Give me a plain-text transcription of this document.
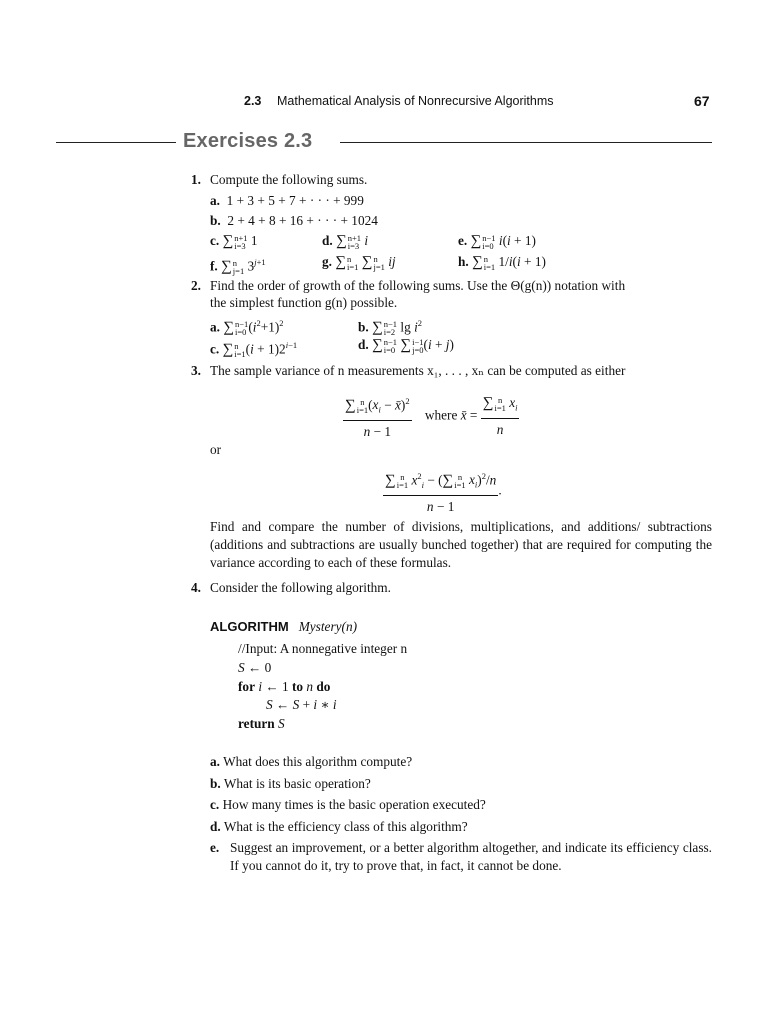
2.3 Mathematical Analysis of Nonrecursive Algorithms	67
Exercises 2.3
1. Compute the following sums.
a. 1 + 3 + 5 + 7 + · · · + 999
b. 2 + 4 + 8 + 16 + · · · + 1024
c. ∑n+1
i=3 1	d. ∑n+1
i=3 i	e. ∑n−1
i=0 i(i + 1)
f. ∑n
j=1 $3^{j+1}$	g. ∑n
i=1 ∑n
j=1 ij	h. ∑n
i=1 1/i(i + 1)
2. Find the order of growth of the following sums. Use the Θ(g(n)) notation with
the simplest function g(n) possible.
a. ∑n−1
i=0 $(i^2+1)^2$	b. ∑n−1
i=2 $\lg i^2$
c. ∑n
$i=1(i + 1)2^{i-1}$	d. ∑n−1
i=0 ∑i−1
j=0(i + j)
3. The sample variance of n measurements x₁, . . . , xₙ can be computed as either
∑ n
$i=1(x_i$ − x̄)$^2$
n − 1
where x̄ =
∑ n
i=1 $x_i$
n
or
∑ n
i=1 $x^2_i$ − (∑ n
i=1 $x_i)^2/n$
n − 1
.
Find and compare the number of divisions, multiplications, and additions/ subtractions (additions and subtractions are usually bunched together) that are required for computing the variance according to each of these formulas.
4. Consider the following algorithm.
ALGORITHM Mystery(n)
//Input: A nonnegative integer n
S ← 0
for i ← 1 to n do
S ← S + i ∗ i
return S
a. What does this algorithm compute?
b. What is its basic operation?
c. How many times is the basic operation executed?
d. What is the efficiency class of this algorithm?
e. Suggest an improvement, or a better algorithm altogether, and indicate its efficiency class. If you cannot do it, try to prove that, in fact, it cannot be done.
